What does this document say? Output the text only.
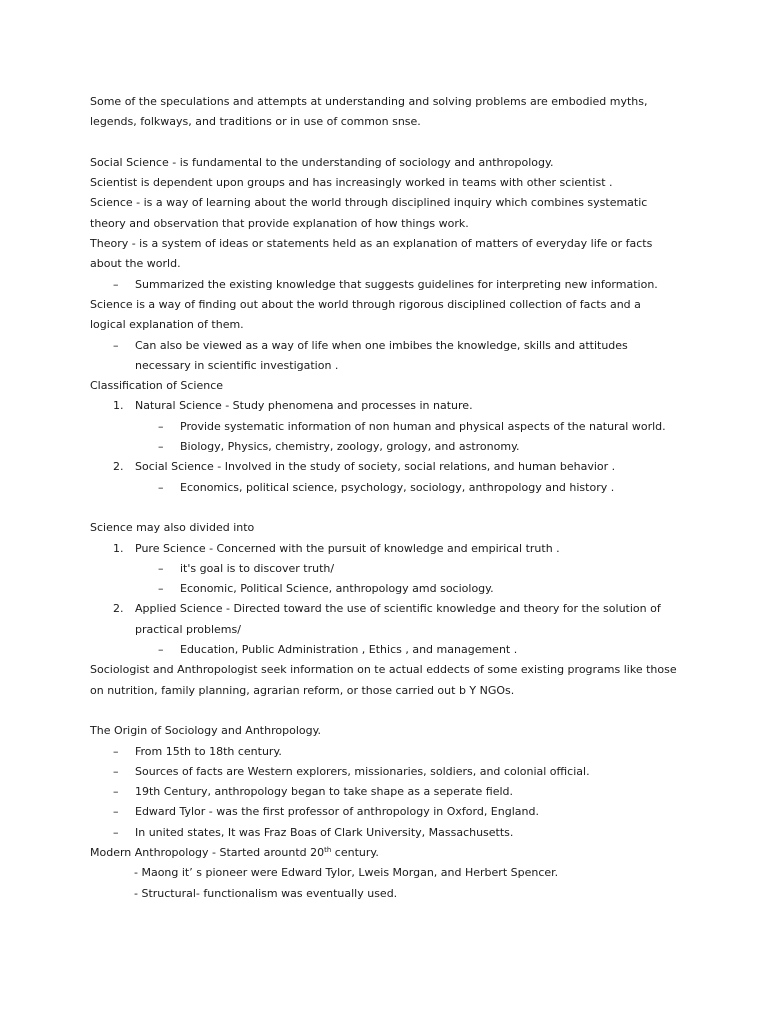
Some of the speculations and attempts at understanding and solving problems are embodied myths, legends, folkways, and traditions or in use of common snse.

Social Science - is fundamental to the understanding of sociology and anthropology.

Scientist is dependent upon groups and has increasingly worked in teams with other scientist .

Science - is a way of learning about the world through disciplined inquiry which combines systematic theory and observation that provide explanation of how things work.

Theory - is a system of ideas or statements held as an explanation of matters of everyday life or facts about the world.

–	Summarized the existing knowledge that suggests guidelines for interpreting new information.

Science is a way of finding out about the world through rigorous disciplined collection of facts and a logical explanation of them.

–	Can also be viewed as a way of life when one imbibes the knowledge, skills and attitudes necessary in scientific investigation .

Classification of Science

1.	Natural Science - Study phenomena and processes in nature.
–	Provide systematic information of non human and physical aspects of the natural world.
–	Biology, Physics, chemistry, zoology, grology, and astronomy.
2.	Social Science - Involved in the study of society, social relations, and human behavior .
–	Economics, political science, psychology, sociology, anthropology and history .

Science may also divided into

1.	Pure Science - Concerned with the pursuit of knowledge and empirical truth .
–	it's goal is to discover truth/
–	Economic, Political Science, anthropology amd sociology.
2.	Applied Science - Directed toward the use of scientific knowledge and theory for the solution of practical problems/
–	Education, Public Administration , Ethics , and management .

Sociologist and Anthropologist seek information on te actual eddects of some existing programs like those on nutrition, family planning, agrarian reform, or those carried out b Y NGOs.

The Origin of Sociology and Anthropology.

–	From 15th to 18th century.
–	Sources of facts are Western explorers, missionaries, soldiers, and colonial official.
–	19th Century, anthropology began to take shape as a seperate field.
–	Edward Tylor - was the first professor of anthropology in Oxford, England.
–	In united states, It was Fraz Boas of Clark University, Massachusetts.

Modern Anthropology - Started arountd 20th century.

- Maong it’ s pioneer were Edward Tylor, Lweis Morgan, and Herbert Spencer.

- Structural- functionalism was eventually used.
